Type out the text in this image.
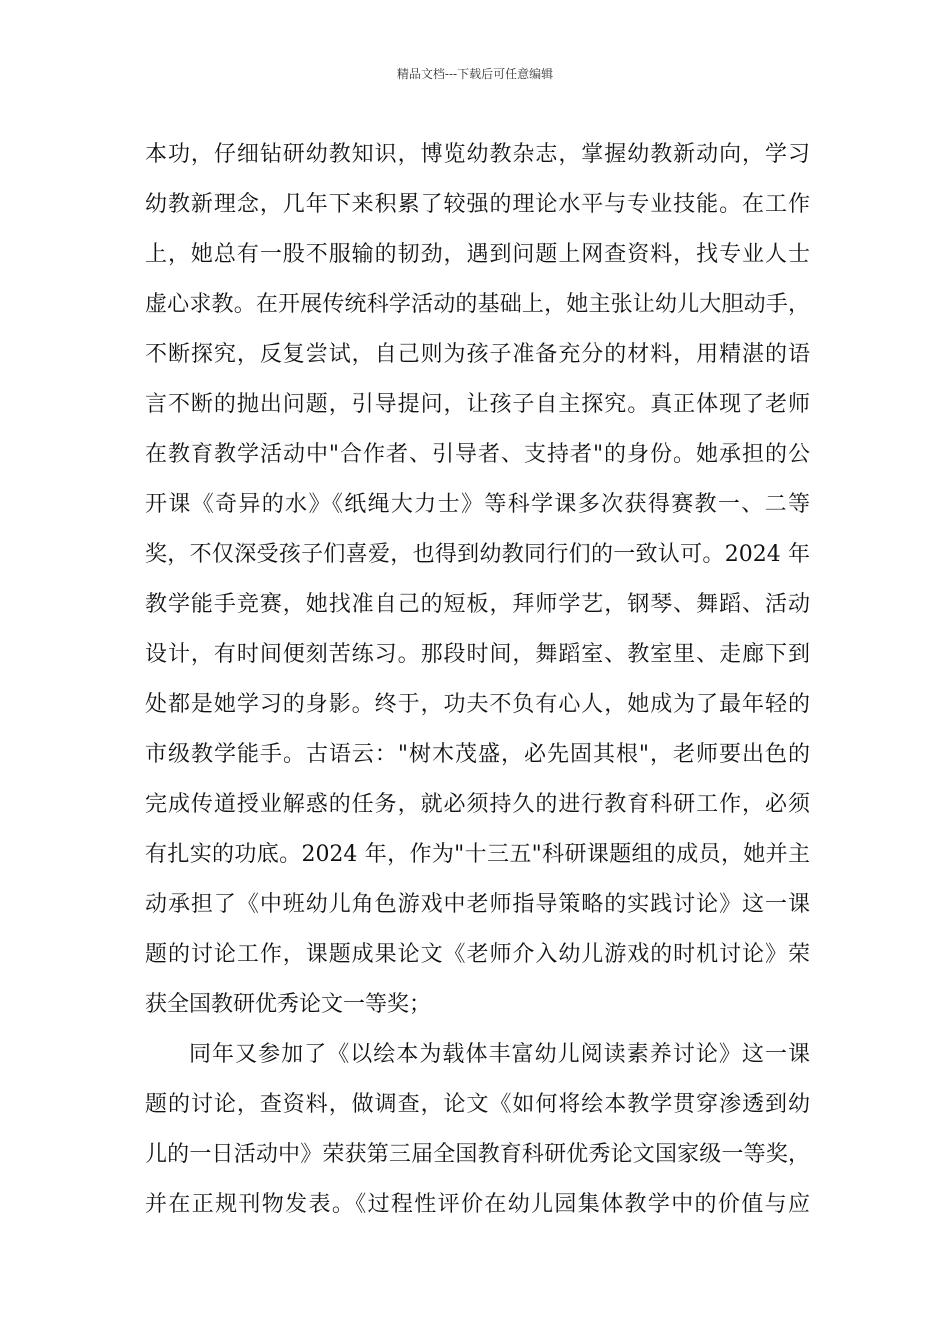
精品文档---下载后可任意编辑
本功，仔细钻研幼教知识，博览幼教杂志，掌握幼教新动向，学习
幼教新理念，几年下来积累了较强的理论水平与专业技能。在工作
上，她总有一股不服输的韧劲，遇到问题上网查资料，找专业人士
虚心求教。在开展传统科学活动的基础上，她主张让幼儿大胆动手，
不断探究，反复尝试，自己则为孩子准备充分的材料，用精湛的语
言不断的抛出问题，引导提问，让孩子自主探究。真正体现了老师
在教育教学活动中"合作者、引导者、支持者"的身份。她承担的公
开课《奇异的水》《纸绳大力士》等科学课多次获得赛教一、二等
奖，不仅深受孩子们喜爱，也得到幼教同行们的一致认可。2024 年
教学能手竞赛，她找准自己的短板，拜师学艺，钢琴、舞蹈、活动
设计，有时间便刻苦练习。那段时间，舞蹈室、教室里、走廊下到
处都是她学习的身影。终于，功夫不负有心人，她成为了最年轻的
市级教学能手。古语云："树木茂盛，必先固其根"，老师要出色的
完成传道授业解惑的任务，就必须持久的进行教育科研工作，必须
有扎实的功底。2024 年，作为"十三五"科研课题组的成员，她并主
动承担了《中班幼儿角色游戏中老师指导策略的实践讨论》这一课
题的讨论工作，课题成果论文《老师介入幼儿游戏的时机讨论》荣
获全国教研优秀论文一等奖；
同年又参加了《以绘本为载体丰富幼儿阅读素养讨论》这一课
题的讨论，查资料，做调查，论文《如何将绘本教学贯穿渗透到幼
儿的一日活动中》荣获第三届全国教育科研优秀论文国家级一等奖，
并在正规刊物发表。《过程性评价在幼儿园集体教学中的价值与应
